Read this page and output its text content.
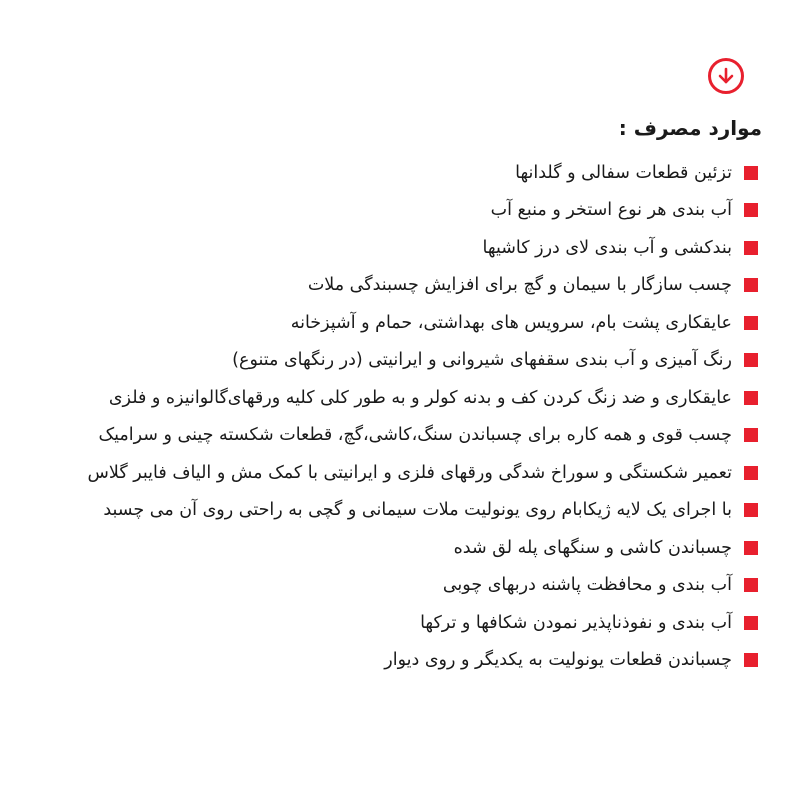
موارد مصرف :
تزئین قطعات سفالی و گلدانها
آب بندی هر نوع استخر و منبع آب
بندکشی و آب بندی لای درز کاشیها
چسب سازگار با سیمان و گچ برای افزایش چسبندگی ملات
عایقکاری پشت بام، سرویس های بهداشتی، حمام و آشپزخانه
رنگ آمیزی و آب بندی سقفهای شیروانی و ایرانیتی (در رنگهای متنوع)
عایقکاری و ضد زنگ کردن کف و بدنه کولر و به طور کلی کلیه ورقهای‌گالوانیزه و فلزی
چسب قوی و همه کاره برای چسباندن سنگ،کاشی،گچ، قطعات شکسته چینی و سرامیک
تعمیر شکستگی و سوراخ شدگی ورقهای فلزی و ایرانیتی با کمک مش و الیاف فایبر گلاس
با اجرای یک لایه ژیکابام روی یونولیت ملات سیمانی و گچی به راحتی روی آن می چسبد
چسباندن کاشی و سنگهای پله لق شده
آب بندی و محافظت پاشنه دربهای چوبی
آب بندی و نفوذناپذیر نمودن شکافها و ترکها
چسباندن قطعات یونولیت به یکدیگر و روی دیوار
